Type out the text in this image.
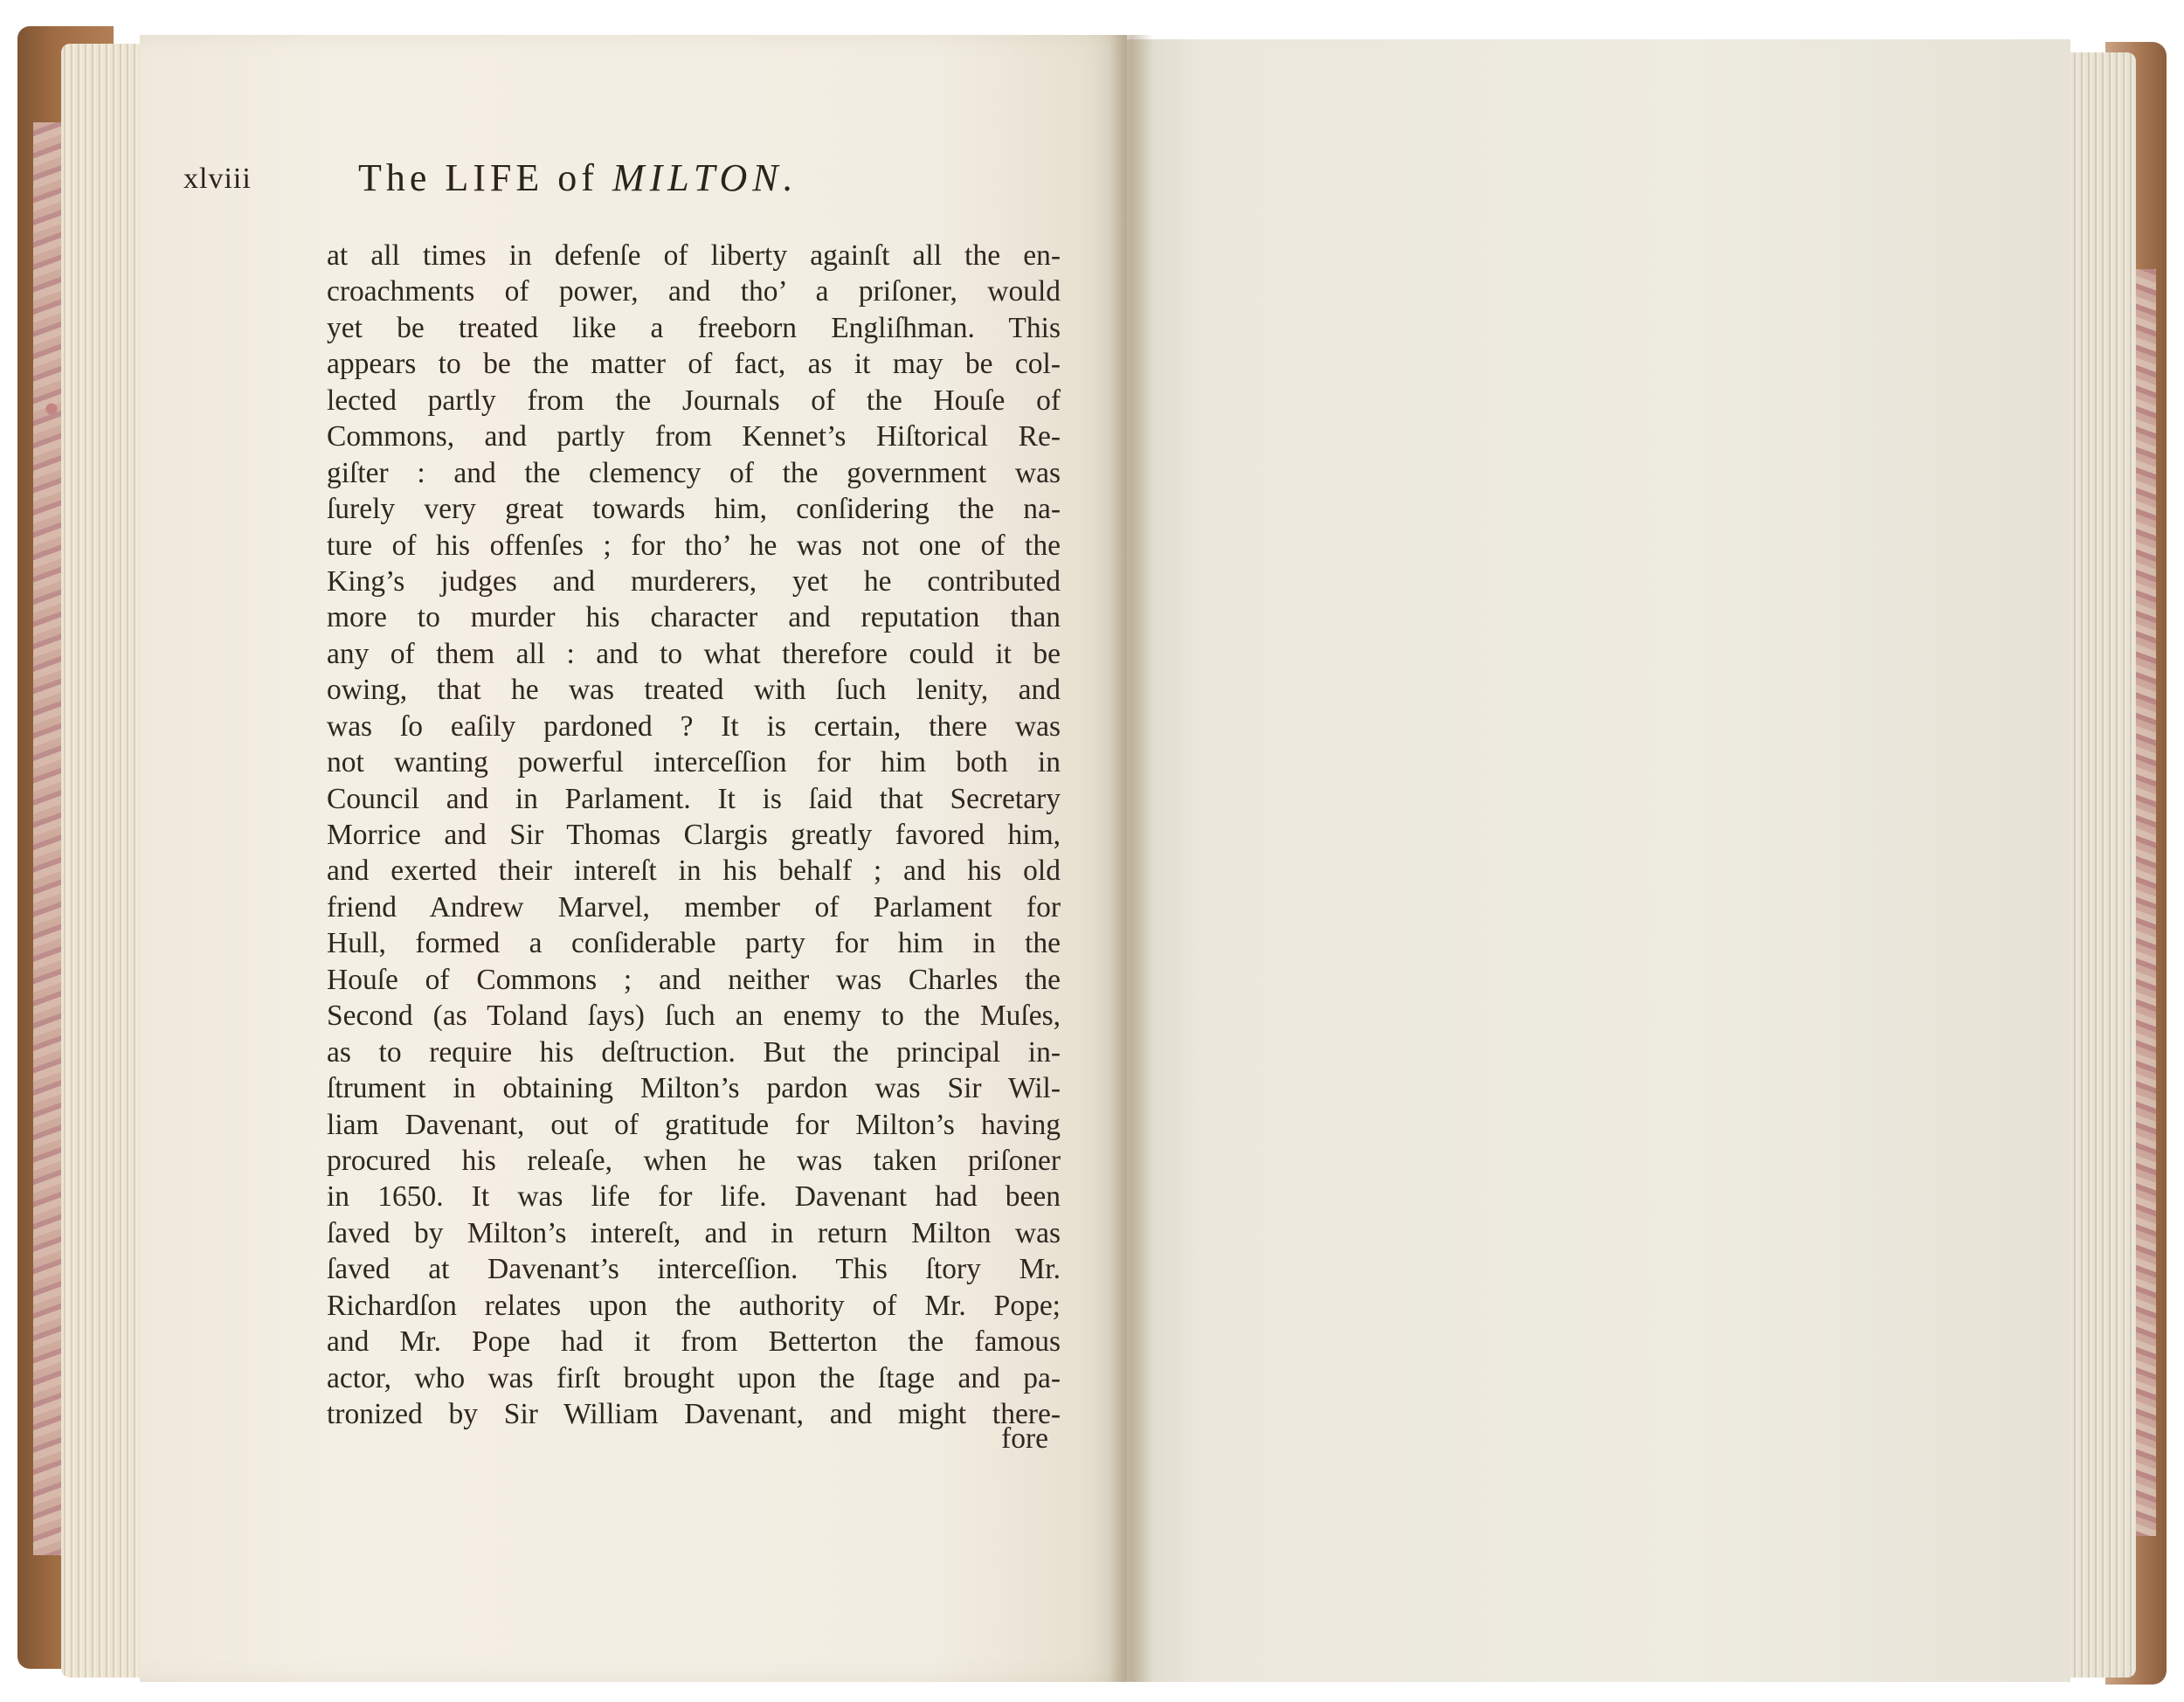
xlviii	The LIFE of MILTON.
at all times in defenſe of liberty againſt all the en-
croachments of power, and tho’ a priſoner, would
yet be treated like a freeborn Engliſhman. This
appears to be the matter of fact, as it may be col-
lected partly from the Journals of the Houſe of
Commons, and partly from Kennet’s Hiſtorical Re-
giſter : and the clemency of the government was
ſurely very great towards him, conſidering the na-
ture of his offenſes ; for tho’ he was not one of the
King’s judges and murderers, yet he contributed
more to murder his character and reputation than
any of them all : and to what therefore could it be
owing, that he was treated with ſuch lenity, and
was ſo eaſily pardoned ? It is certain, there was
not wanting powerful interceſſion for him both in
Council and in Parlament. It is ſaid that Secretary
Morrice and Sir Thomas Clargis greatly favored him,
and exerted their intereſt in his behalf ; and his old
friend Andrew Marvel, member of Parlament for
Hull, formed a conſiderable party for him in the
Houſe of Commons ; and neither was Charles the
Second (as Toland ſays) ſuch an enemy to the Muſes,
as to require his deſtruction. But the principal in-
ſtrument in obtaining Milton’s pardon was Sir Wil-
liam Davenant, out of gratitude for Milton’s having
procured his releaſe, when he was taken priſoner
in 1650. It was life for life. Davenant had been
ſaved by Milton’s intereſt, and in return Milton was
ſaved at Davenant’s interceſſion. This ſtory Mr.
Richardſon relates upon the authority of Mr. Pope;
and Mr. Pope had it from Betterton the famous
actor, who was firſt brought upon the ſtage and pa-
tronized by Sir William Davenant, and might there-
fore
